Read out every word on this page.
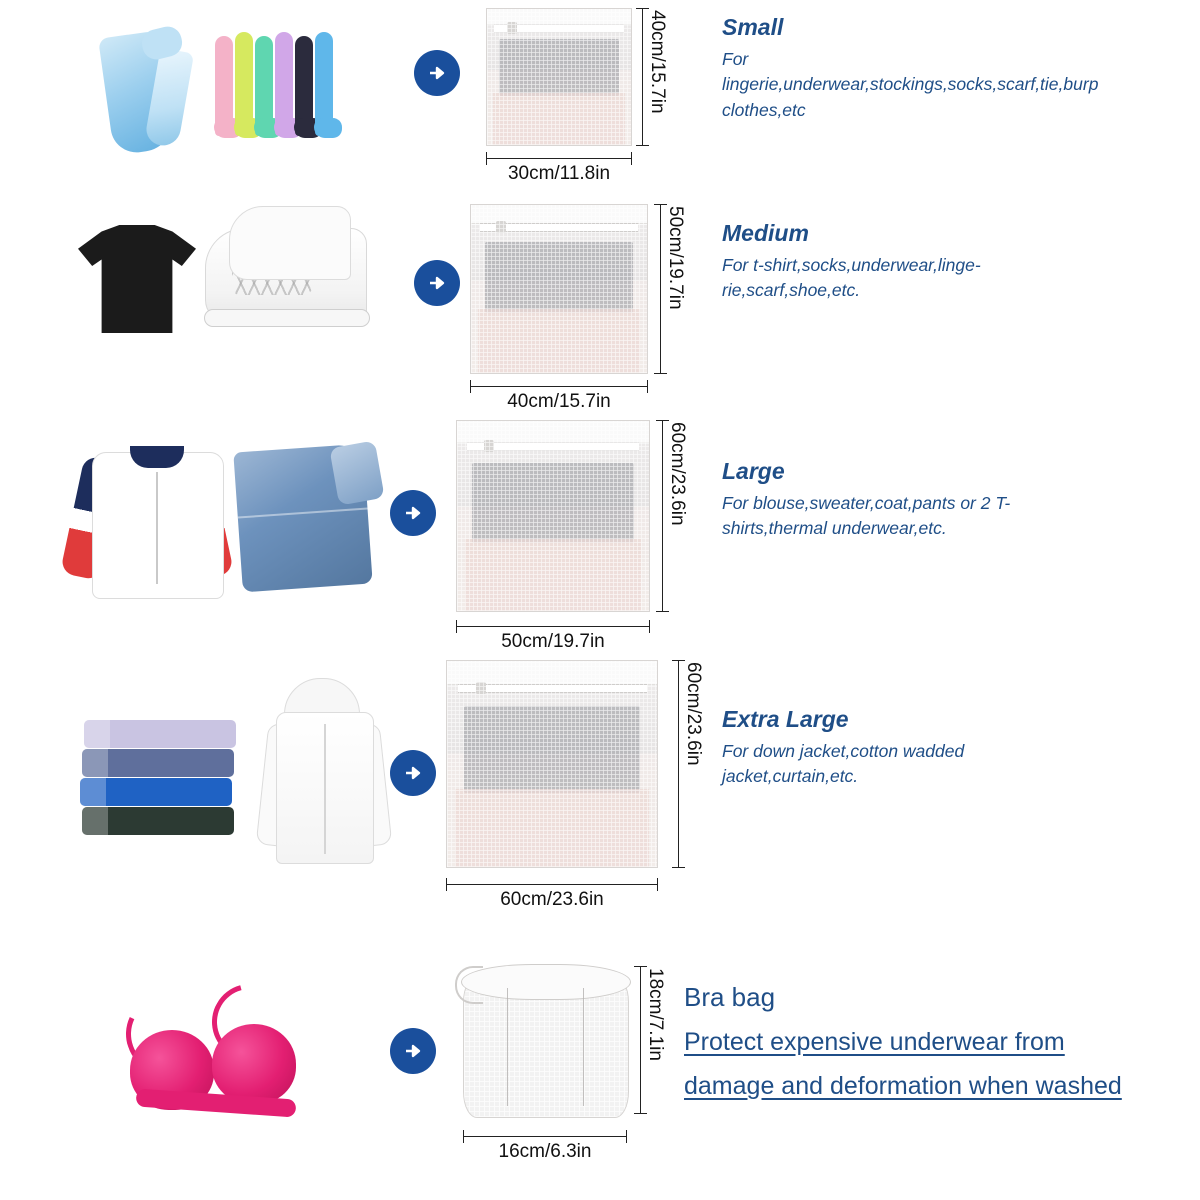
40cm/15.7in
30cm/11.8in
Small
For lingerie,underwear,stockings,socks,scarf,tie,burp clothes,etc
50cm/19.7in
40cm/15.7in
Medium
For t-shirt,socks,underwear,linge-rie,scarf,shoe,etc.
60cm/23.6in
50cm/19.7in
Large
For blouse,sweater,coat,pants or 2 T-shirts,thermal underwear,etc.
60cm/23.6in
60cm/23.6in
Extra Large
For down jacket,cotton wadded jacket,curtain,etc.
18cm/7.1in
16cm/6.3in
Bra bag
Protect expensive underwear from
damage and deformation when washed
